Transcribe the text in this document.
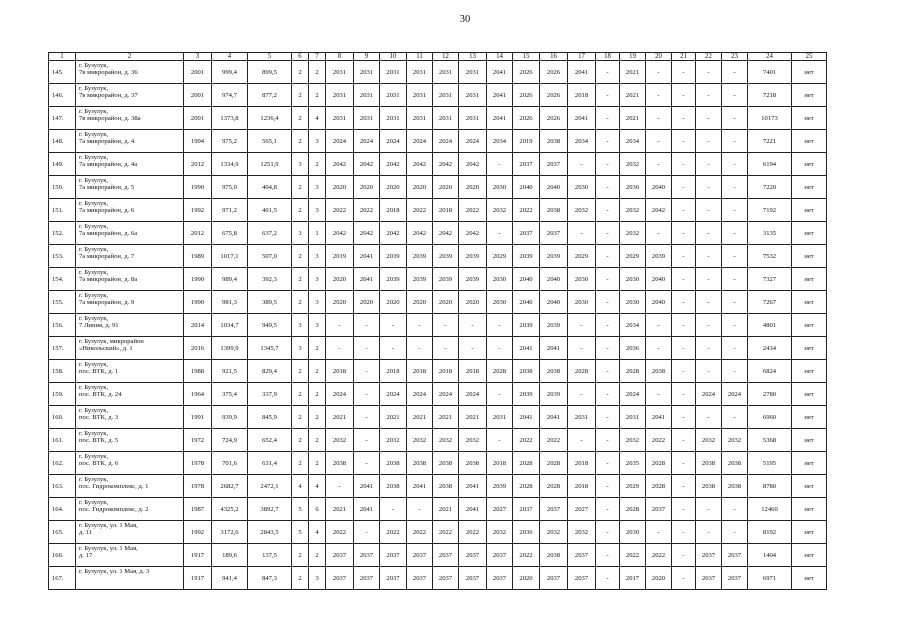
30
1	2	3	4	5	6	7	8	9	10	11	12	13	14	15	16	17	18	19	20	21	22	23	24	25
145.	г. Бузулук,
7в микрорайон, д. 36	2001	999,4	899,5	2	2	2031	2031	2031	2031	2031	2031	2041	2026	2026	2041	-	2021	-	-	-	-	7401	нет
146.	г. Бузулук,
7в микрорайон, д. 37	2001	974,7	877,2	2	2	2031	2031	2031	2031	2031	2031	2041	2026	2026	2018	-	2021	-	-	-	-	7218	нет
147.	г. Бузулук,
7в микрорайон, д. 38а	2001	1373,8	1236,4	2	4	2031	2031	2031	2031	2031	2031	2041	2026	2026	2041	-	2021	-	-	-	-	10173	нет
148.	г. Бузулук,
7а микрорайон, д. 4	1994	975,2	565,1	2	3	2024	2024	2024	2024	2024	2024	2034	2019	2038	2034	-	2034	-	-	-	-	7221	нет
149.	г. Бузулук,
7а микрорайон, д. 4а	2012	1334,9	1251,9	3	2	2042	2042	2042	2042	2042	2042	-	2037	2037	-	-	2032	-	-	-	-	6194	нет
150.	г. Бузулук,
7а микрорайон, д. 5	1990	975,0	404,8	2	3	2020	2020	2020	2020	2020	2020	2030	2040	2040	2030	-	2030	2040	-	-	-	7220	нет
151.	г. Бузулук,
7а микрорайон, д. 6	1992	971,2	401,5	2	3	2022	2022	2018	2022	2018	2022	2032	2022	2038	2032	-	2032	2042	-	-	-	7192	нет
152.	г. Бузулук,
7а микрорайон, д. 6а	2012	675,8	637,2	3	1	2042	2042	2042	2042	2042	2042	-	2037	2037	-	-	2032	-	-	-	-	3135	нет
153.	г. Бузулук,
7а микрорайон, д. 7	1989	1017,1	507,0	2	3	2019	2041	2039	2039	2039	2039	2029	2039	2039	2029	-	2029	2039	-	-	-	7532	нет
154.	г. Бузулук,
7а микрорайон, д. 8а	1990	989,4	392,3	2	3	2020	2041	2039	2039	2039	2039	2030	2040	2040	2030	-	2030	2040	-	-	-	7327	нет
155.	г. Бузулук,
7а микрорайон, д. 9	1990	981,3	389,5	2	3	2020	2020	2020	2020	2020	2020	2030	2040	2040	2030	-	2030	2040	-	-	-	7267	нет
156.	г. Бузулук,
7 Линия, д. 91	2014	1034,7	949,5	3	3	-	-	-	-	-	-	-	2039	2039	-	-	2034	-	-	-	-	4801	нет
157.	г. Бузулук, микрорайон
«Никольский», д. 1	2016	1399,9	1345,7	3	2	-	-	-	-	-	-	-	2041	2041	-	-	2036	-	-	-	-	2434	нет
158.	г. Бузулук,
пос. ВТК, д. 1	1988	921,5	829,4	2	2	2018	-	2018	2018	2018	2018	2028	2038	2038	2028	-	2028	2038	-	-	-	6824	нет
159.	г. Бузулук,
пос. ВТК, д. 24	1964	375,4	337,9	2	2	2024	-	2024	2024	2024	2024	-	2039	2039	-	-	2024	-	-	2024	2024	2780	нет
160.	г. Бузулук,
пос. ВТК, д. 3	1991	939,9	845,9	2	2	2021	-	2021	2021	2021	2021	2031	2041	2041	2031	-	2031	2041	-	-	-	6960	нет
161.	г. Бузулук,
пос. ВТК, д. 5	1972	724,9	652,4	2	2	2032	-	2032	2032	2032	2032	-	2022	2022	-	-	2032	2022	-	2032	2032	5368	нет
162.	г. Бузулук,
пос. ВТК, д. 6	1978	701,6	631,4	2	2	2038	-	2038	2038	2038	2038	2018	2028	2028	2018	-	2035	2028	-	2038	2038	5195	нет
163.	г. Бузулук,
пос. Гидрокомплекс, д. 1	1978	2682,7	2472,1	4	4	-	2041	2038	2041	2038	2041	2039	2028	2028	2018	-	2029	2028	-	2038	2038	8780	нет
164.	г. Бузулук,
пос. Гидрокомплекс, д. 2	1987	4325,2	3892,7	5	6	2021	2041	-	-	2021	2041	2027	2037	2037	2027	-	2028	2037	-	-	-	12460	нет
165.	г. Бузулук, ул. 1 Мая,
д. 11	1992	3172,6	2843,5	5	4	2022	-	2022	2022	2022	2022	2032	2036	2032	2032	-	2030	-	-	-	-	8192	нет
166.	г. Бузулук, ул. 1 Мая,
д. 17	1917	189,6	137,5	2	2	2037	2037	2037	2037	2037	2037	2037	2022	2038	2037	-	2022	2022	-	2037	2037	1404	нет
167.	г. Бузулук, ул. 1 Мая, д. 3	1917	941,4	847,3	2	3	2037	2037	2037	2037	2037	2037	2037	2020	2037	2037	-	2017	2020	-	2037	2037	6971	нет
